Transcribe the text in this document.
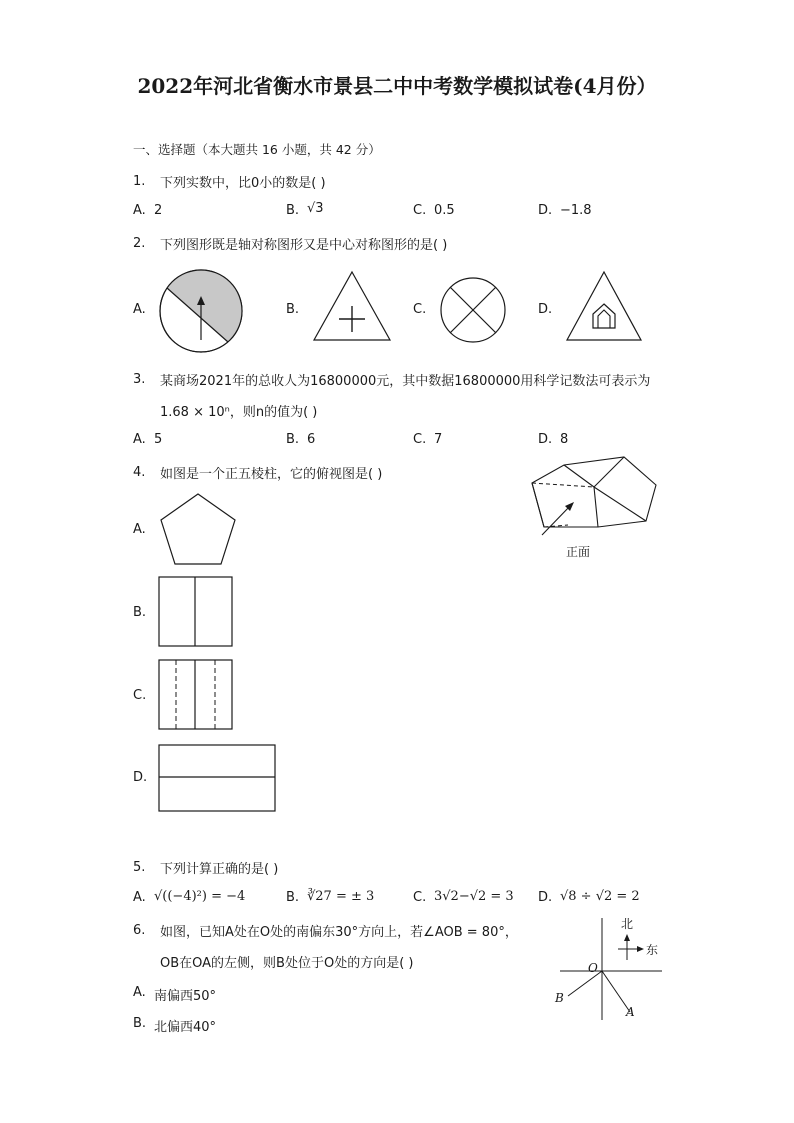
2022年河北省衡水市景县二中中考数学模拟试卷(4月份）
一、选择题（本大题共 16 小题，共 42 分）
1. 下列实数中，比0小的数是( )
A. 2	B. √3	C. 0.5	D. −1.8
2. 下列图形既是轴对称图形又是中心对称图形的是( )
A.	B.	C.	D.
3. 某商场2021年的总收人为16800000元，其中数据16800000用科学记数法可表示为
1.68 × 10ⁿ，则n的值为( )
A. 5	B. 6	C. 7	D. 8
4. 如图是一个正五棱柱，它的俯视图是( )
正面
A.
B.
C.
D.
5. 下列计算正确的是( )
A. √((−4)²) = −4	B. ∛27 = ± 3	C. 3√2−√2 = 3 D. √8 ÷ √2 = 2
6. 如图，已知A处在O处的南偏东30°方向上，若∠AOB = 80°，
OB在OA的左侧，则B处位于O处的方向是( )
A. 南偏西50°
B. 北偏西40°
北
东
O
A
B
